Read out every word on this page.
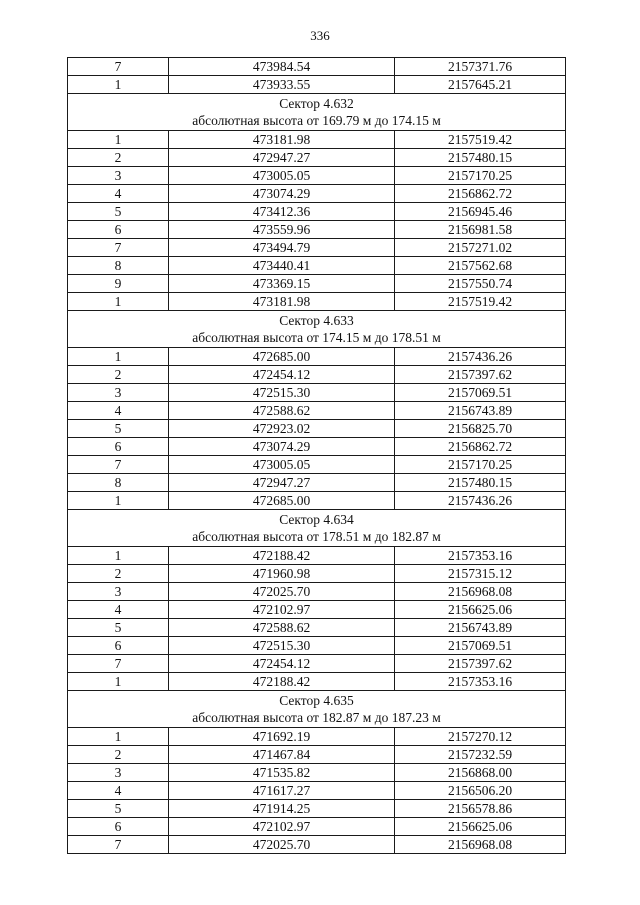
336
7	473984.54	2157371.76
1	473933.55	2157645.21

Сектор 4.632
абсолютная высота от 169.79 м до 174.15 м		

1	473181.98	2157519.42
2	472947.27	2157480.15
3	473005.05	2157170.25
4	473074.29	2156862.72
5	473412.36	2156945.46
6	473559.96	2156981.58
7	473494.79	2157271.02
8	473440.41	2157562.68
9	473369.15	2157550.74
1	473181.98	2157519.42

Сектор 4.633
абсолютная высота от 174.15 м до 178.51 м		

1	472685.00	2157436.26
2	472454.12	2157397.62
3	472515.30	2157069.51
4	472588.62	2156743.89
5	472923.02	2156825.70
6	473074.29	2156862.72
7	473005.05	2157170.25
8	472947.27	2157480.15
1	472685.00	2157436.26

Сектор 4.634
абсолютная высота от 178.51 м до 182.87 м		

1	472188.42	2157353.16
2	471960.98	2157315.12
3	472025.70	2156968.08
4	472102.97	2156625.06
5	472588.62	2156743.89
6	472515.30	2157069.51
7	472454.12	2157397.62
1	472188.42	2157353.16

Сектор 4.635
абсолютная высота от 182.87 м до 187.23 м		

1	471692.19	2157270.12
2	471467.84	2157232.59
3	471535.82	2156868.00
4	471617.27	2156506.20
5	471914.25	2156578.86
6	472102.97	2156625.06
7	472025.70	2156968.08
